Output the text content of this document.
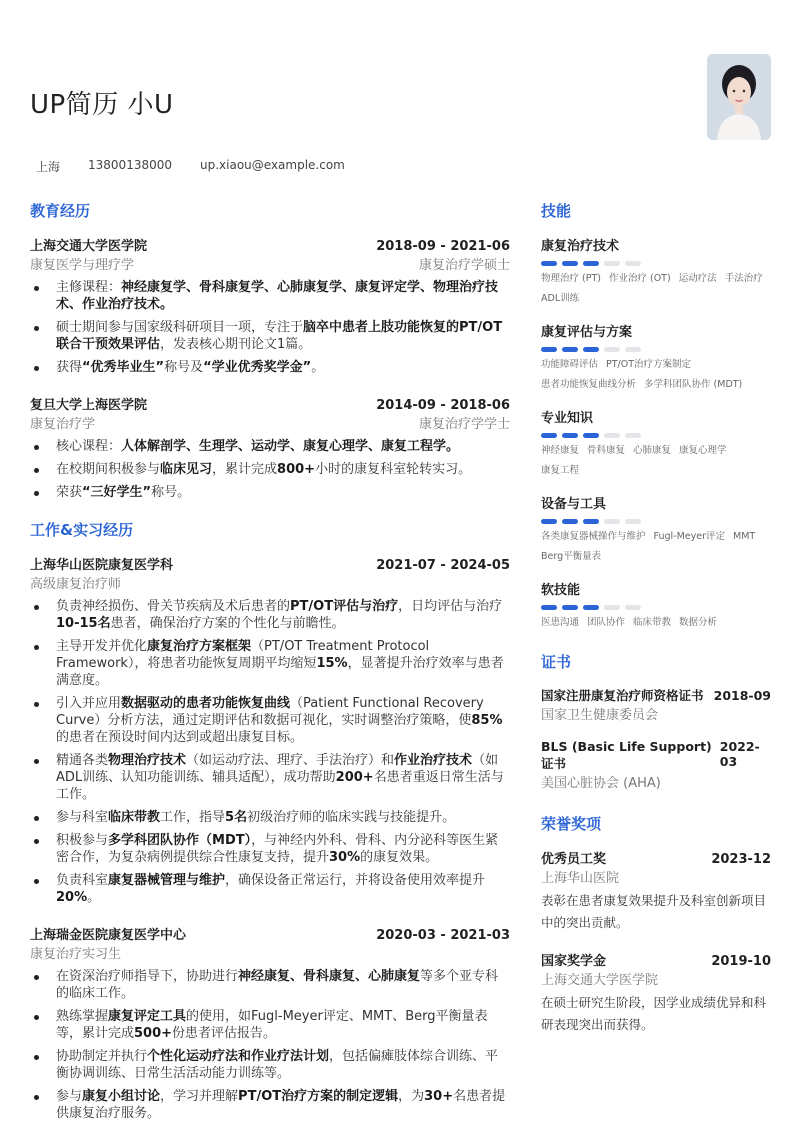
UP简历 小U
上海 13800138000 up.xiaou@example.com
教育经历
上海交通大学医学院	2018-09 - 2021-06
康复医学与理疗学	康复治疗学硕士
主修课程：神经康复学、骨科康复学、心肺康复学、康复评定学、物理治疗技术、作业治疗技术。
硕士期间参与国家级科研项目一项，专注于脑卒中患者上肢功能恢复的PT/OT联合干预效果评估，发表核心期刊论文1篇。
获得“优秀毕业生”称号及“学业优秀奖学金”。
复旦大学上海医学院	2014-09 - 2018-06
康复治疗学	康复治疗学学士
核心课程：人体解剖学、生理学、运动学、康复心理学、康复工程学。
在校期间积极参与临床见习，累计完成800+小时的康复科室轮转实习。
荣获“三好学生”称号。
工作&实习经历
上海华山医院康复医学科	2021-07 - 2024-05
高级康复治疗师
负责神经损伤、骨关节疾病及术后患者的PT/OT评估与治疗，日均评估与治疗10-15名患者，确保治疗方案的个性化与前瞻性。
主导开发并优化康复治疗方案框架（PT/OT Treatment Protocol Framework），将患者功能恢复周期平均缩短15%，显著提升治疗效率与患者满意度。
引入并应用数据驱动的患者功能恢复曲线（Patient Functional Recovery Curve）分析方法，通过定期评估和数据可视化，实时调整治疗策略，使85%的患者在预设时间内达到或超出康复目标。
精通各类物理治疗技术（如运动疗法、理疗、手法治疗）和作业治疗技术（如ADL训练、认知功能训练、辅具适配），成功帮助200+名患者重返日常生活与工作。
参与科室临床带教工作，指导5名初级治疗师的临床实践与技能提升。
积极参与多学科团队协作（MDT），与神经内外科、骨科、内分泌科等医生紧密合作，为复杂病例提供综合性康复支持，提升30%的康复效果。
负责科室康复器械管理与维护，确保设备正常运行，并将设备使用效率提升20%。
上海瑞金医院康复医学中心	2020-03 - 2021-03
康复治疗实习生
在资深治疗师指导下，协助进行神经康复、骨科康复、心肺康复等多个亚专科的临床工作。
熟练掌握康复评定工具的使用，如Fugl-Meyer评定、MMT、Berg平衡量表等，累计完成500+份患者评估报告。
协助制定并执行个性化运动疗法和作业疗法计划，包括偏瘫肢体综合训练、平衡协调训练、日常生活活动能力训练等。
参与康复小组讨论，学习并理解PT/OT治疗方案的制定逻辑，为30+名患者提供康复治疗服务。
技能
康复治疗技术
物理治疗 (PT) 作业治疗 (OT) 运动疗法 手法治疗
ADL训练
康复评估与方案
功能障碍评估 PT/OT治疗方案制定
患者功能恢复曲线分析 多学科团队协作 (MDT)
专业知识
神经康复 骨科康复 心肺康复 康复心理学
康复工程
设备与工具
各类康复器械操作与维护 Fugl-Meyer评定 MMT
Berg平衡量表
软技能
医患沟通 团队协作 临床带教 数据分析
证书
国家注册康复治疗师资格证书 2018-09
国家卫生健康委员会
BLS (Basic Life Support) 证书
2022-03
美国心脏协会 (AHA)
荣誉奖项
优秀员工奖	2023-12
上海华山医院
表彰在患者康复效果提升及科室创新项目中的突出贡献。
国家奖学金	2019-10
上海交通大学医学院
在硕士研究生阶段，因学业成绩优异和科研表现突出而获得。
